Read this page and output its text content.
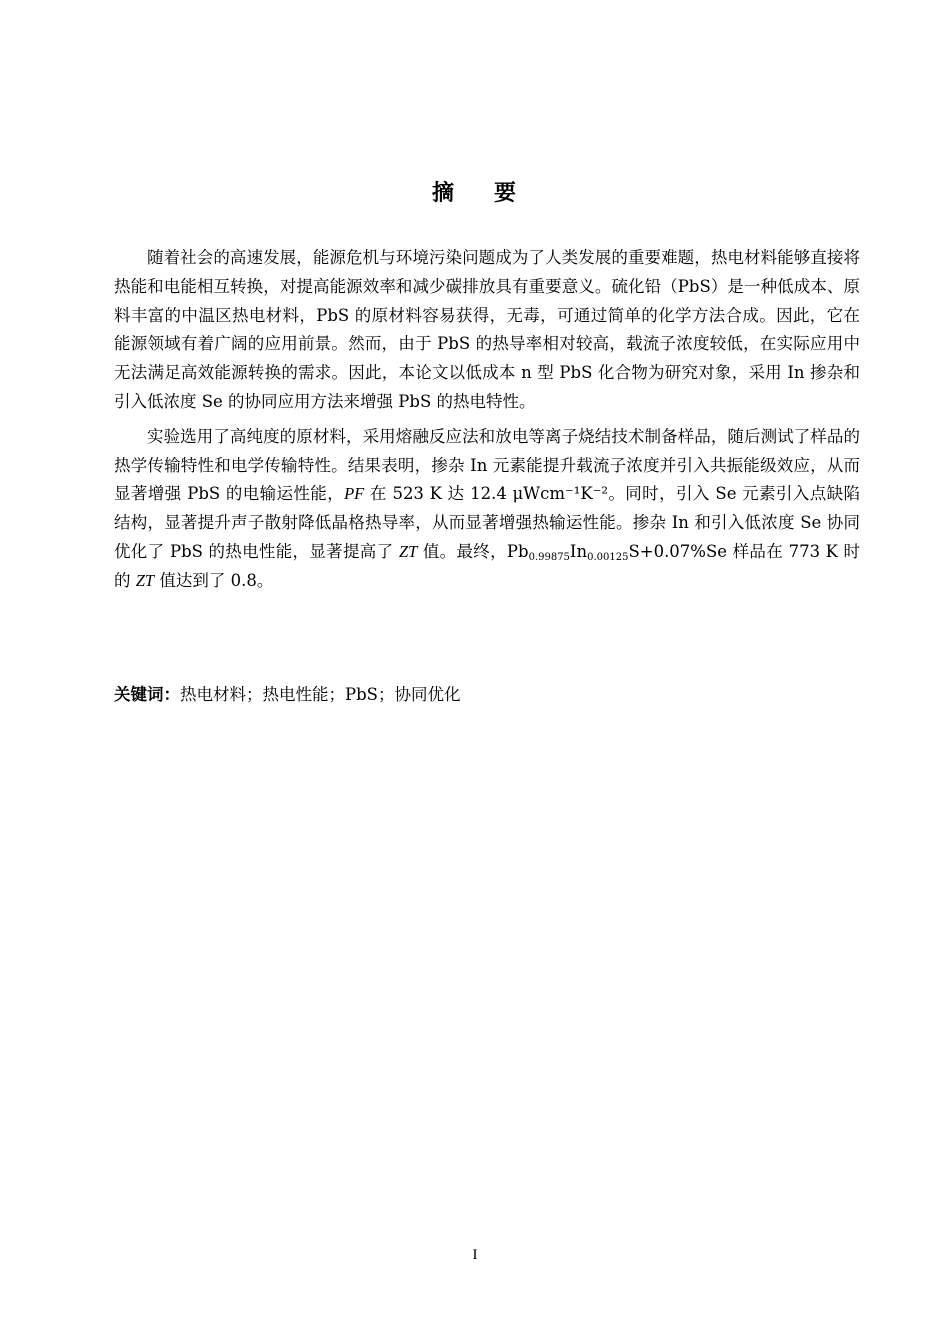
摘 要

随着社会的高速发展，能源危机与环境污染问题成为了人类发展的重要难题，热电材料能够直接将热能和电能相互转换，对提高能源效率和减少碳排放具有重要意义。硫化铅（PbS）是一种低成本、原料丰富的中温区热电材料，PbS 的原材料容易获得，无毒，可通过简单的化学方法合成。因此，它在能源领域有着广阔的应用前景。然而，由于 PbS 的热导率相对较高，载流子浓度较低，在实际应用中无法满足高效能源转换的需求。因此，本论文以低成本 n 型 PbS 化合物为研究对象，采用 In 掺杂和引入低浓度 Se 的协同应用方法来增强 PbS 的热电特性。

实验选用了高纯度的原材料，采用熔融反应法和放电等离子烧结技术制备样品，随后测试了样品的热学传输特性和电学传输特性。结果表明，掺杂 In 元素能提升载流子浓度并引入共振能级效应，从而显著增强 PbS 的电输运性能，PF 在 523 K 达 12.4 μWcm⁻¹K⁻²。同时，引入 Se 元素引入点缺陷结构，显著提升声子散射降低晶格热导率，从而显著增强热输运性能。掺杂 In 和引入低浓度 Se 协同优化了 PbS 的热电性能，显著提高了 ZT 值。最终，$Pb_{0.99875}In_{0.00125}S+0.07\%Se$ 样品在 773 K 时的 ZT 值达到了 0.8。

关键词：热电材料；热电性能；PbS；协同优化
I
